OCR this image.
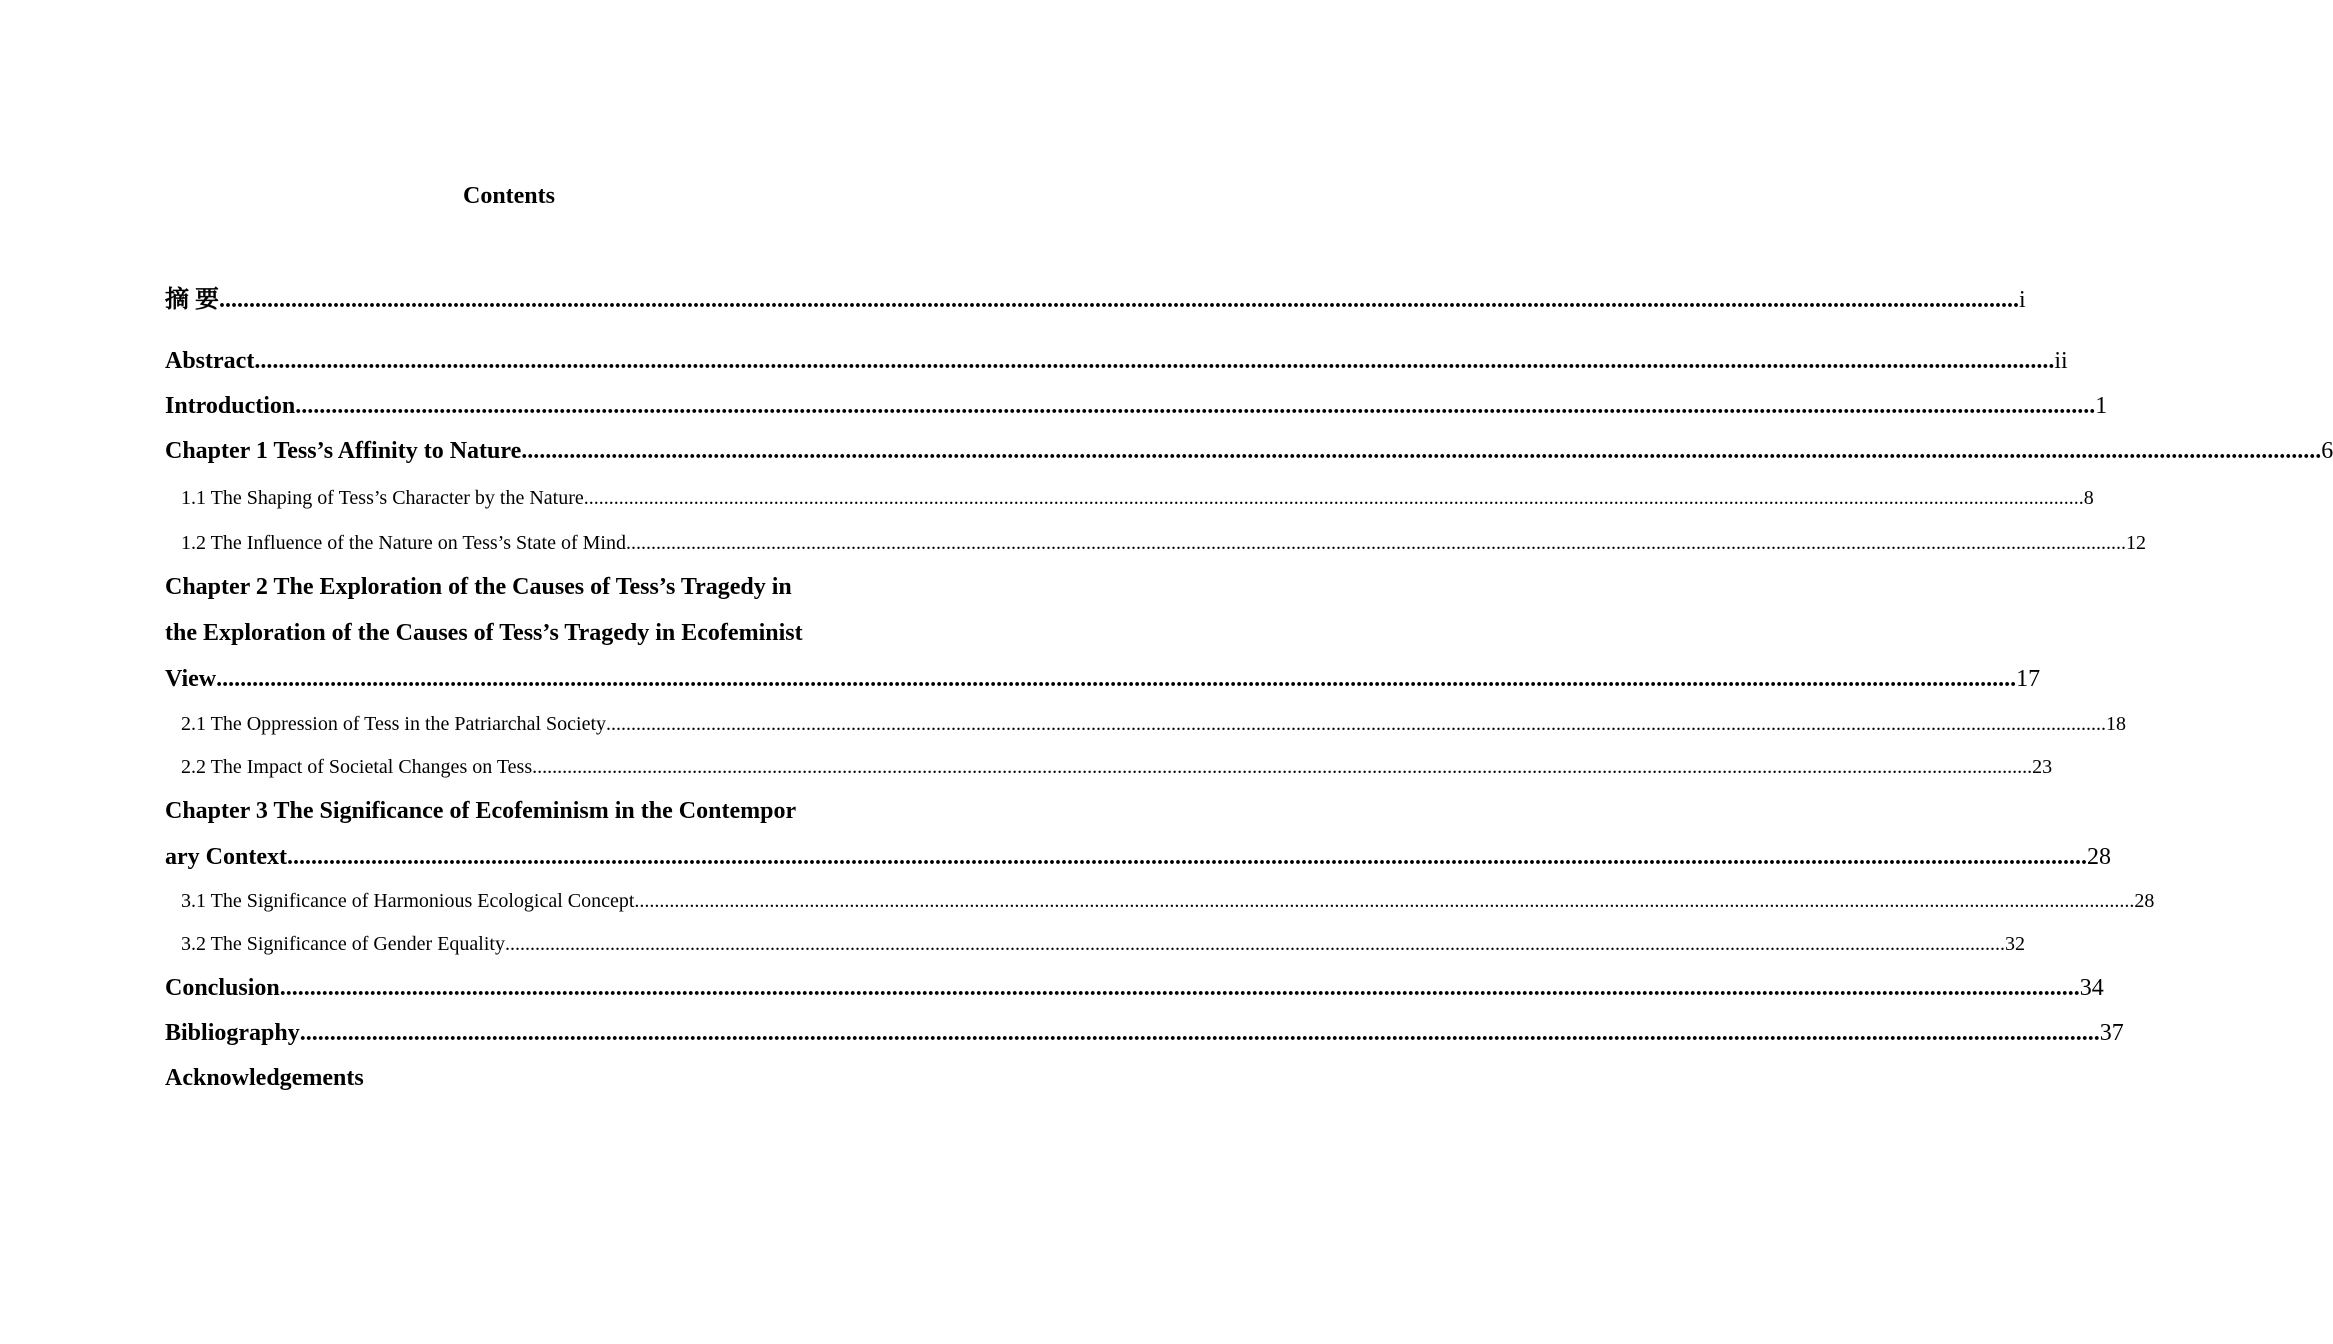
Contents
摘 要 ............................................................................................................................................................................................................................................................................................................ i
Abstract ............................................................................................................................................................................................................................................................................................................ ii
Introduction ............................................................................................................................................................................................................................................................................................................ 1
Chapter 1 Tess’s Affinity to Nature ............................................................................................................................................................................................................................................................................................................ 6
1.1 The Shaping of Tess’s Character by the Nature ............................................................................................................................................................................................................................................................................................................ 8
1.2 The Influence of the Nature on Tess’s State of Mind ............................................................................................................................................................................................................................................................................................................ 12
Chapter 2 The Exploration of the Causes of Tess’s Tragedy in
the Exploration of the Causes of Tess’s Tragedy in Ecofeminist
View ............................................................................................................................................................................................................................................................................................................ 17
2.1 The Oppression of Tess in the Patriarchal Society ............................................................................................................................................................................................................................................................................................................ 18
2.2 The Impact of Societal Changes on Tess ............................................................................................................................................................................................................................................................................................................ 23
Chapter 3 The Significance of Ecofeminism in the Contempor
ary Context ............................................................................................................................................................................................................................................................................................................ 28
3.1 The Significance of Harmonious Ecological Concept ............................................................................................................................................................................................................................................................................................................ 28
3.2 The Significance of Gender Equality ............................................................................................................................................................................................................................................................................................................ 32
Conclusion ............................................................................................................................................................................................................................................................................................................ 34
Bibliography ............................................................................................................................................................................................................................................................................................................ 37
Acknowledgements
